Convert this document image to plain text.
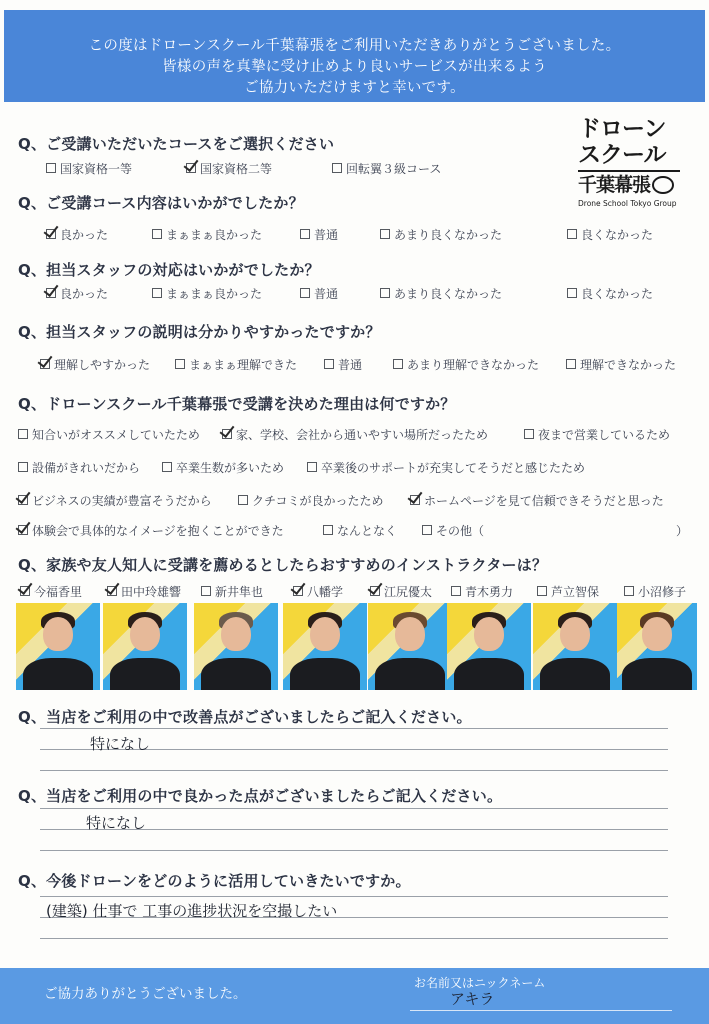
この度はドローンスクール千葉幕張をご利用いただきありがとうございました。
皆様の声を真摯に受け止めより良いサービスが出来るよう
ご協力いただけますと幸いです。
ドローン
スクール
千葉幕張
Drone School Tokyo Group
Q、ご受講いただいたコースをご選択ください
国家資格一等	国家資格二等	回転翼３級コース
Q、ご受講コース内容はいかがでしたか？
良かった	まぁまぁ良かった	普通	あまり良くなかった	良くなかった
Q、担当スタッフの対応はいかがでしたか？
良かった	まぁまぁ良かった	普通	あまり良くなかった	良くなかった
Q、担当スタッフの説明は分かりやすかったですか？
理解しやすかった	まぁまぁ理解できた	普通	あまり理解できなかった	理解できなかった
Q、ドローンスクール千葉幕張で受講を決めた理由は何ですか？
知合いがオススメしていたため	家、学校、会社から通いやすい場所だったため	夜まで営業しているため
設備がきれいだから	卒業生数が多いため	卒業後のサポートが充実してそうだと感じたため
ビジネスの実績が豊富そうだから	クチコミが良かったため	ホームページを見て信頼できそうだと思った
体験会で具体的なイメージを抱くことができた	なんとなく	その他（	）
Q、家族や友人知人に受講を薦めるとしたらおすすめのインストラクターは？
今福香里	田中玲雄響	新井隼也	八幡学	江尻優太	青木勇力	芦立智保	小沼修子
Q、当店をご利用の中で改善点がございましたらご記入ください。
特になし
Q、当店をご利用の中で良かった点がございましたらご記入ください。
特になし
Q、今後ドローンをどのように活用していきたいですか。
(建築) 仕事で 工事の進捗状況を空撮したい
ご協力ありがとうございました。
お名前又はニックネーム
アキラ
